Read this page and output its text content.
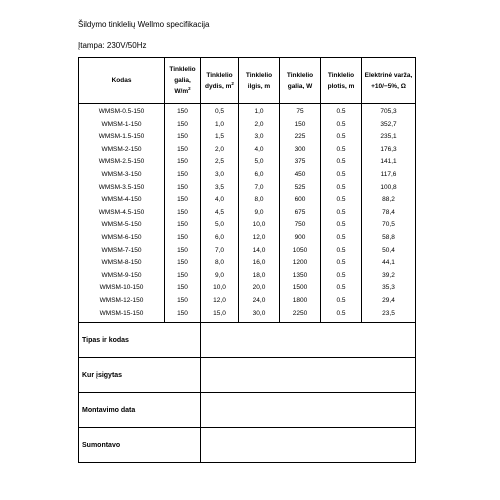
Šildymo tinklelių Wellmo specifikacija
Įtampa: 230V/50Hz
Kodas	Tinklelio galia, $W/m^2$	Tinklelio dydis, $m^2$	Tinklelio ilgis, m	Tinklelio galia, W	Tinklelio plotis, m	Elektrinė varža, +10/−5%, Ω
WMSM-0.5-150	150	0,5	1,0	75	0.5	705,3
WMSM-1-150	150	1,0	2,0	150	0.5	352,7
WMSM-1.5-150	150	1,5	3,0	225	0.5	235,1
WMSM-2-150	150	2,0	4,0	300	0.5	176,3
WMSM-2.5-150	150	2,5	5,0	375	0.5	141,1
WMSM-3-150	150	3,0	6,0	450	0.5	117,6
WMSM-3.5-150	150	3,5	7,0	525	0.5	100,8
WMSM-4-150	150	4,0	8,0	600	0.5	88,2
WMSM-4.5-150	150	4,5	9,0	675	0.5	78,4
WMSM-5-150	150	5,0	10,0	750	0.5	70,5
WMSM-6-150	150	6,0	12,0	900	0.5	58,8
WMSM-7-150	150	7,0	14,0	1050	0.5	50,4
WMSM-8-150	150	8,0	16,0	1200	0.5	44,1
WMSM-9-150	150	9,0	18,0	1350	0.5	39,2
WMSM-10-150	150	10,0	20,0	1500	0.5	35,3
WMSM-12-150	150	12,0	24,0	1800	0.5	29,4
WMSM-15-150	150	15,0	30,0	2250	0.5	23,5
Tipas ir kodas						
Kur įsigytas						
Montavimo data						
Sumontavo						
